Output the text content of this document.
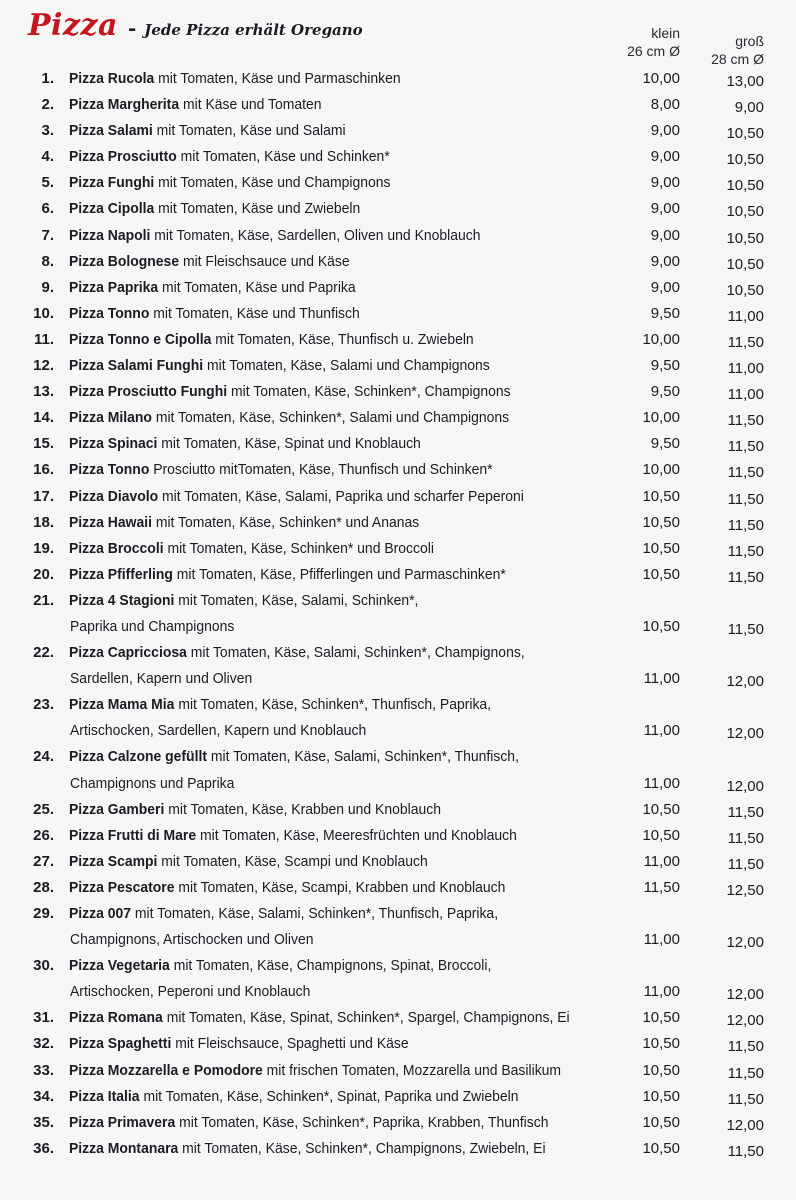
Pizza - Jede Pizza erhält Oregano	klein
26 cm Ø
groß
28 cm Ø
1. Pizza Rucola mit Tomaten, Käse und Parmaschinken	10,00	13,00
2. Pizza Margherita mit Käse und Tomaten	8,00	9,00
3. Pizza Salami mit Tomaten, Käse und Salami	9,00	10,50
4. Pizza Prosciutto mit Tomaten, Käse und Schinken*	9,00	10,50
5. Pizza Funghi mit Tomaten, Käse und Champignons	9,00	10,50
6. Pizza Cipolla mit Tomaten, Käse und Zwiebeln	9,00	10,50
7. Pizza Napoli mit Tomaten, Käse, Sardellen, Oliven und Knoblauch	9,00	10,50
8. Pizza Bolognese mit Fleischsauce und Käse	9,00	10,50
9. Pizza Paprika mit Tomaten, Käse und Paprika	9,00	10,50
10. Pizza Tonno mit Tomaten, Käse und Thunfisch	9,50	11,00
11. Pizza Tonno e Cipolla mit Tomaten, Käse, Thunfisch u. Zwiebeln	10,00	11,50
12. Pizza Salami Funghi mit Tomaten, Käse, Salami und Champignons	9,50	11,00
13. Pizza Prosciutto Funghi mit Tomaten, Käse, Schinken*, Champignons	9,50	11,00
14. Pizza Milano mit Tomaten, Käse, Schinken*, Salami und Champignons	10,00	11,50
15. Pizza Spinaci mit Tomaten, Käse, Spinat und Knoblauch	9,50	11,50
16. Pizza Tonno Prosciutto mitTomaten, Käse, Thunfisch und Schinken*	10,00	11,50
17. Pizza Diavolo mit Tomaten, Käse, Salami, Paprika und scharfer Peperoni	10,50	11,50
18. Pizza Hawaii mit Tomaten, Käse, Schinken* und Ananas	10,50	11,50
19. Pizza Broccoli mit Tomaten, Käse, Schinken* und Broccoli	10,50	11,50
20. Pizza Pfifferling mit Tomaten, Käse, Pfifferlingen und Parmaschinken*	10,50	11,50
21. Pizza 4 Stagioni mit Tomaten, Käse, Salami, Schinken*,
Paprika und Champignons	10,50	11,50
22. Pizza Capricciosa mit Tomaten, Käse, Salami, Schinken*, Champignons,
Sardellen, Kapern und Oliven	11,00	12,00
23. Pizza Mama Mia mit Tomaten, Käse, Schinken*, Thunfisch, Paprika,
Artischocken, Sardellen, Kapern und Knoblauch	11,00	12,00
24. Pizza Calzone gefüllt mit Tomaten, Käse, Salami, Schinken*, Thunfisch,
Champignons und Paprika	11,00	12,00
25. Pizza Gamberi mit Tomaten, Käse, Krabben und Knoblauch	10,50	11,50
26. Pizza Frutti di Mare mit Tomaten, Käse, Meeresfrüchten und Knoblauch	10,50	11,50
27. Pizza Scampi mit Tomaten, Käse, Scampi und Knoblauch	11,00	11,50
28. Pizza Pescatore mit Tomaten, Käse, Scampi, Krabben und Knoblauch	11,50	12,50
29. Pizza 007 mit Tomaten, Käse, Salami, Schinken*, Thunfisch, Paprika,
Champignons, Artischocken und Oliven	11,00	12,00
30. Pizza Vegetaria mit Tomaten, Käse, Champignons, Spinat, Broccoli,
Artischocken, Peperoni und Knoblauch	11,00	12,00
31. Pizza Romana mit Tomaten, Käse, Spinat, Schinken*, Spargel, Champignons, Ei	10,50	12,00
32. Pizza Spaghetti mit Fleischsauce, Spaghetti und Käse	10,50	11,50
33. Pizza Mozzarella e Pomodore mit frischen Tomaten, Mozzarella und Basilikum	10,50	11,50
34. Pizza Italia mit Tomaten, Käse, Schinken*, Spinat, Paprika und Zwiebeln	10,50	11,50
35. Pizza Primavera mit Tomaten, Käse, Schinken*, Paprika, Krabben, Thunfisch	10,50	12,00
36. Pizza Montanara mit Tomaten, Käse, Schinken*, Champignons, Zwiebeln, Ei	10,50	11,50
